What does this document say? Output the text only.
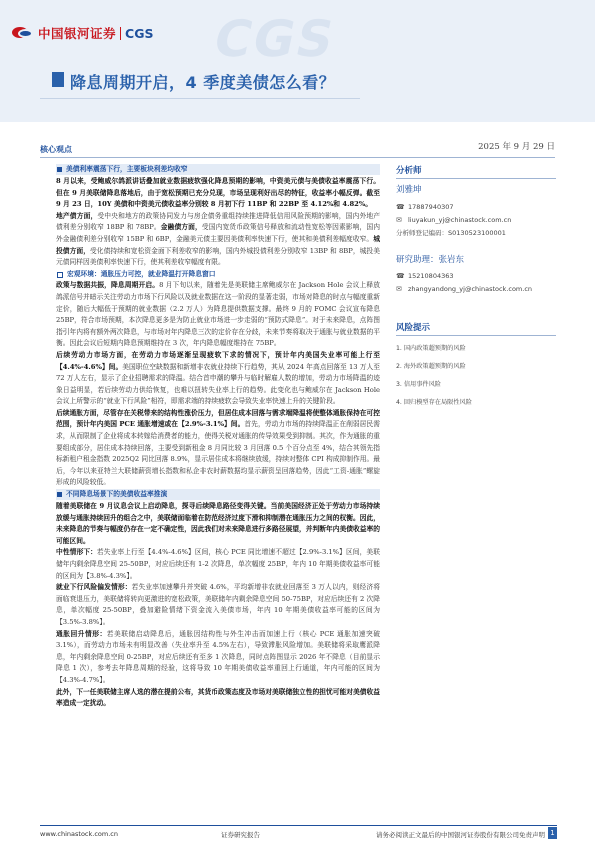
CGS
中国银河证券 CGS
降息周期开启，4 季度美债怎么看？
2025 年 9 月 29 日
核心观点
美债利率震荡下行，主要板块利差均收窄

8 月以来，受鲍威尔鸽派讲话叠加就业数据疲软强化降息预期的影响，中资美元债与美债收益率震荡下行。但在 9 月美联储降息落地后，由于宽松预期已充分兑现，市场呈现利好出尽的特征，收益率小幅反弹。截至 9 月 23 日，10Y 美债和中资美元债收益率分别较 8 月初下行 11BP 和 22BP 至 4.12%和 4.82%。

地产债方面，受中央和地方的政策协同发力与房企债务重组持续推进降低信用风险预期的影响，国内外地产债利差分别收窄 18BP 和 78BP。金融债方面，受国内宽货币政策信号释放和流动性宽松等因素影响，国内外金融债利差分别收窄 15BP 和 6BP，金融美元债主要因美债利率快速下行，使其和美债利差幅度收窄。城投债方面，受化债持续和宽松资金面下利差收窄的影响，国内外城投债利差分别收窄 13BP 和 8BP，城投美元债同样因美债利率快速下行，使其利差收窄幅度有限。

宏观环境：通胀压力可控，就业降温打开降息窗口

政策与数据共振，降息周期开启。8 月下旬以来，随着先是美联储主席鲍威尔在 Jackson Hole 会议上释放鸽派信号并暗示关注劳动力市场下行风险以及就业数据在这一阶段的显著走弱，市场对降息的时点与幅度重新定价，随后大幅低于预期的就业数据（2.2 万人）为降息提供数据支撑。最终 9 月的 FOMC 会议宣布降息 25BP，符合市场预期，本次降息更多是为防止就业市场进一步走弱的“预防式降息”。对于未来降息，点阵图指引年内将有额外两次降息，与市场对年内降息三次的定价存在分歧，未来节奏将取决于通胀与就业数据的平衡。因此会议后短期内降息预期维持在 3 次，年内降息幅度维持在 75BP。

后续劳动力市场方面，在劳动力市场逐渐呈现疲软下求的情况下，预计年内美国失业率可能上行至【4.4%-4.6%】间。美国职位空缺数据和新增非农就业持续下行趋势，其从 2024 年高点回落至 13 万人至 72 万人左右，显示了企业招聘需求的降温。结合首申潮的攀升与临时解雇人数的增加，劳动力市场降温的迹象日益明显，若后续劳动力供给恢复，也难以扭转失业率上行的趋势。此变化也与鲍威尔在 Jackson Hole 会议上所警示的“就业下行风险”相符，即需求端的持续疲软会导致失业率快速上升的关键阶段。

后续通胀方面，尽管存在关税带来的结构性涨价压力，但居住成本回落与需求端降温将使整体通胀保持在可控范围，预计年内美国 PCE 通胀增速或在【2.9%-3.1%】间。首先，劳动力市场的持续降温正在削弱居民需求，从而限制了企业将成本转嫁给消费者的能力，使得关税对通胀的传导效果受到抑制。其次，作为通胀的重要组成部分，居住成本持续回落，主要受到新租金 8 月同比较 3 月回落 0.5 个百分点至 4%，结合其领先指标新租户租金指数 2025Q2 同比回落 8.9%，显示居住成本将继续放缓，持续对整体 CPI 构成抑制作用。最后，今年以来亚特兰大联储薪资增长指数和私企非农时薪数据均显示薪资呈回落趋势，因此“工资-通胀”螺旋形成的风险较低。

不同降息场景下的美债收益率推演

随着美联储在 9 月议息会议上启动降息，探寻后续降息路径变得关键。当前美国经济正处于劳动力市场持续放缓与通胀持续回升的组合之中，美联储面临着在防范经济过度下滑和抑制潜在通胀压力之间的权衡。因此，未来降息的节奏与幅度仍存在一定不确定性，因此我们对未来降息进行多路径展望，并判断年内美债收益率的可能区间。

中性情形下：若失业率上行至【4.4%-4.6%】区间，核心 PCE 同比增速不超过【2.9%-3.1%】区间，美联储年内剩余降息空间 25-50BP，对应后续还有 1-2 次降息，单次幅度 25BP，年内 10 年期美债收益率可能的区间为【3.8%-4.3%】。

就业下行风险偏发情形：若失业率加速攀升并突破 4.6%，平均新增非农就业回落至 3 万人以内，则经济将面临衰退压力，美联储将转向更激进的宽松政策，美联储年内剩余降息空间 50-75BP，对应后续还有 2 次降息，单次幅度 25-50BP，叠加避险情绪下资金流入美债市场，年内 10 年期美债收益率可能的区间为【3.5%-3.8%】。

通胀回升情形：若美联储启动降息后，通胀因结构性与外生冲击而加速上行（核心 PCE 通胀加速突破 3.1%），而劳动力市场未有明显改善（失业率升至 4.5%左右），导致滞胀风险增加。美联储将采取鹰派降息，年内剩余降息空间 0-25BP，对应后续还有至多 1 次降息，同时点阵图显示 2026 年不降息（目前显示降息 1 次），参考去年降息周期的经验，这将导致 10 年期美债收益率重回上行通道，年内可能的区间为【4.3%-4.7%】。

此外，下一任美联储主席人选的潜在提前公布，其货币政策态度及市场对美联储独立性的担忧可能对美债收益率造成一定扰动。

分析师
刘雅坤
☎ 17887940307
✉ liuyakun_yj@chinastock.com.cn
分析师登记编码：S0130523100001
研究助理：张岩东
☎ 15210804363
✉ zhangyandong_yj@chinastock.com.cn
风险提示
1. 国内政策超预期的风险
2. 海外政策超预期的风险
3. 信用事件风险
4. 回归模型存在局限性风险
www.chinastock.com.cn	证券研究报告	请务必阅读正文最后的中国银河证券股份有限公司免责声明 1
